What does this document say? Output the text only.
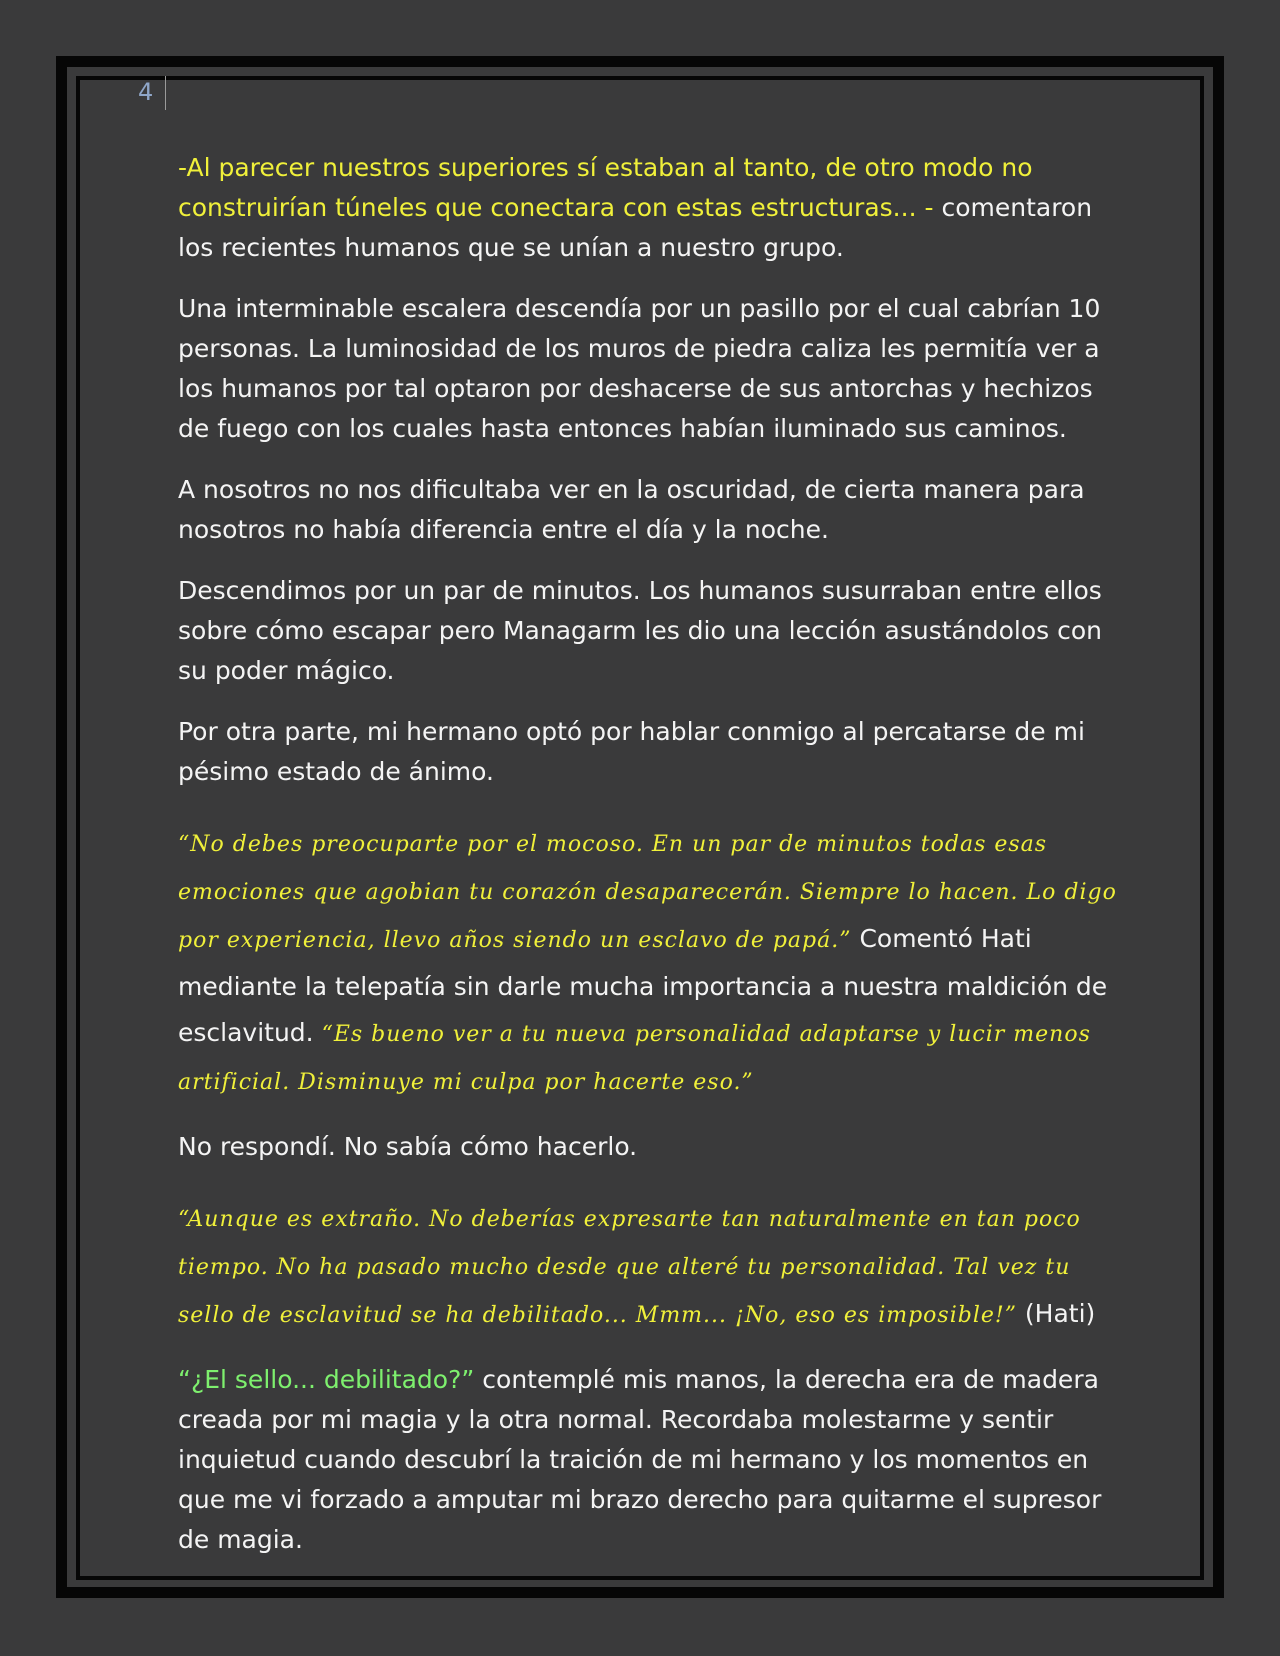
4

-Al parecer nuestros superiores sí estaban al tanto, de otro modo no construirían túneles que conectara con estas estructuras... - comentaron los recientes humanos que se unían a nuestro grupo.

Una interminable escalera descendía por un pasillo por el cual cabrían 10 personas. La luminosidad de los muros de piedra caliza les permitía ver a los humanos por tal optaron por deshacerse de sus antorchas y hechizos de fuego con los cuales hasta entonces habían iluminado sus caminos.

A nosotros no nos dificultaba ver en la oscuridad, de cierta manera para nosotros no había diferencia entre el día y la noche.

Descendimos por un par de minutos. Los humanos susurraban entre ellos sobre cómo escapar pero Managarm les dio una lección asustándolos con su poder mágico.

Por otra parte, mi hermano optó por hablar conmigo al percatarse de mi pésimo estado de ánimo.

“No debes preocuparte por el mocoso. En un par de minutos todas esas emociones que agobian tu corazón desaparecerán. Siempre lo hacen. Lo digo por experiencia, llevo años siendo un esclavo de papá.” Comentó Hati mediante la telepatía sin darle mucha importancia a nuestra maldición de esclavitud. “Es bueno ver a tu nueva personalidad adaptarse y lucir menos artificial. Disminuye mi culpa por hacerte eso.”

No respondí. No sabía cómo hacerlo.

“Aunque es extraño. No deberías expresarte tan naturalmente en tan poco tiempo. No ha pasado mucho desde que alteré tu personalidad. Tal vez tu sello de esclavitud se ha debilitado... Mmm... ¡No, eso es imposible!” (Hati)

“¿El sello... debilitado?” contemplé mis manos, la derecha era de madera creada por mi magia y la otra normal. Recordaba molestarme y sentir inquietud cuando descubrí la traición de mi hermano y los momentos en que me vi forzado a amputar mi brazo derecho para quitarme el supresor de magia.
